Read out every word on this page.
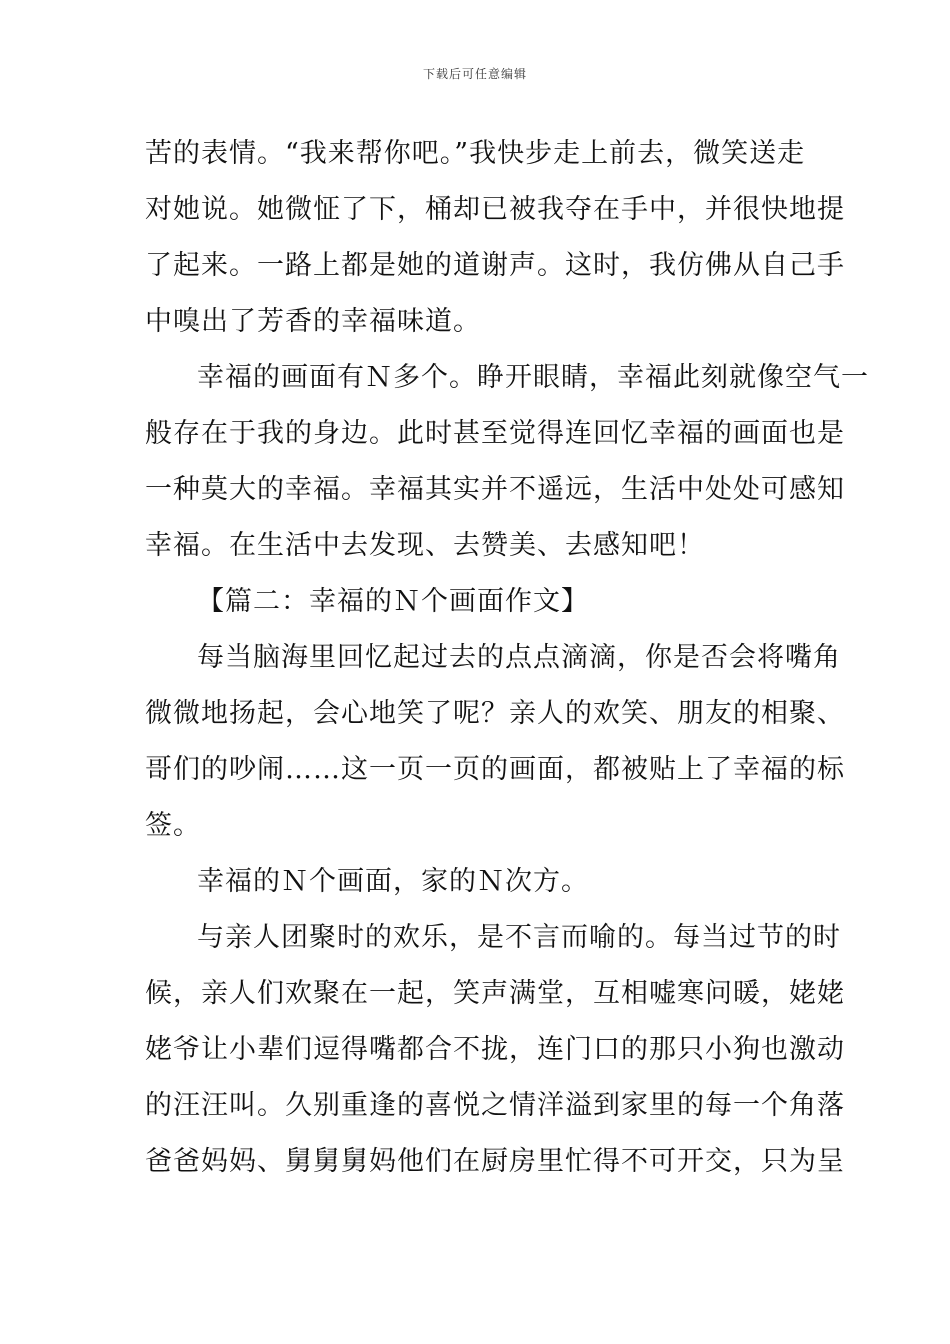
下载后可任意编辑
苦的表情。“我来帮你吧。”我快步走上前去，微笑送走
对她说。她微怔了下，桶却已被我夺在手中，并很快地提
了起来。一路上都是她的道谢声。这时，我仿佛从自己手
中嗅出了芳香的幸福味道。
幸福的画面有Ｎ多个。睁开眼睛，幸福此刻就像空气一
般存在于我的身边。此时甚至觉得连回忆幸福的画面也是
一种莫大的幸福。幸福其实并不遥远，生活中处处可感知
幸福。在生活中去发现、去赞美、去感知吧！
【篇二：幸福的Ｎ个画面作文】
每当脑海里回忆起过去的点点滴滴，你是否会将嘴角
微微地扬起，会心地笑了呢？亲人的欢笑、朋友的相聚、
哥们的吵闹……这一页一页的画面，都被贴上了幸福的标
签。
幸福的Ｎ个画面，家的Ｎ次方。
与亲人团聚时的欢乐，是不言而喻的。每当过节的时
候，亲人们欢聚在一起，笑声满堂，互相嘘寒问暖，姥姥
姥爷让小辈们逗得嘴都合不拢，连门口的那只小狗也激动
的汪汪叫。久别重逢的喜悦之情洋溢到家里的每一个角落
爸爸妈妈、舅舅舅妈他们在厨房里忙得不可开交，只为呈
